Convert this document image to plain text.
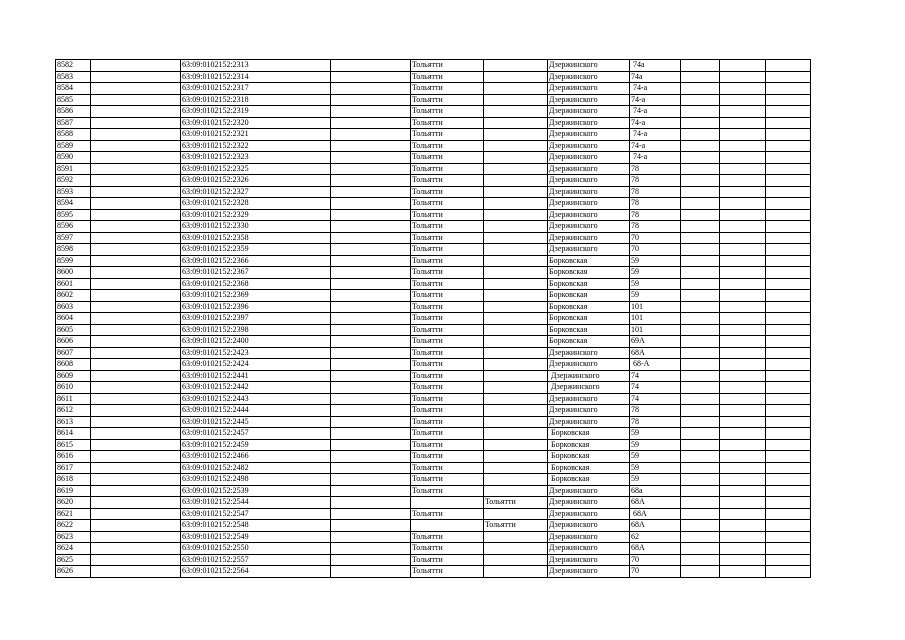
8582		63:09:0102152:2313		Тольятти		Дзержинского	74а			
8583		63:09:0102152:2314		Тольятти		Дзержинского	74а			
8584		63:09:0102152:2317		Тольятти		Дзержинского	74-а			
8585		63:09:0102152:2318		Тольятти		Дзержинского	74-а			
8586		63:09:0102152:2319		Тольятти		Дзержинского	74-а			
8587		63:09:0102152:2320		Тольятти		Дзержинского	74-а			
8588		63:09:0102152:2321		Тольятти		Дзержинского	74-а			
8589		63:09:0102152:2322		Тольятти		Дзержинского	74-а			
8590		63:09:0102152:2323		Тольятти		Дзержинского	74-а			
8591		63:09:0102152:2325		Тольятти		Дзержинского	78			
8592		63:09:0102152:2326		Тольятти		Дзержинского	78			
8593		63:09:0102152:2327		Тольятти		Дзержинского	78			
8594		63:09:0102152:2328		Тольятти		Дзержинского	78			
8595		63:09:0102152:2329		Тольятти		Дзержинского	78			
8596		63:09:0102152:2330		Тольятти		Дзержинского	78			
8597		63:09:0102152:2358		Тольятти		Дзержинского	70			
8598		63:09:0102152:2359		Тольятти		Дзержинского	70			
8599		63:09:0102152:2366		Тольятти		Борковская	59			
8600		63:09:0102152:2367		Тольятти		Борковская	59			
8601		63:09:0102152:2368		Тольятти		Борковская	59			
8602		63:09:0102152:2369		Тольятти		Борковская	59			
8603		63:09:0102152:2396		Тольятти		Борковская	101			
8604		63:09:0102152:2397		Тольятти		Борковская	101			
8605		63:09:0102152:2398		Тольятти		Борковская	101			
8606		63:09:0102152:2400		Тольятти		Борковская	69А			
8607		63:09:0102152:2423		Тольятти		Дзержинского	68А			
8608		63:09:0102152:2424		Тольятти		Дзержинского	68-А			
8609		63:09:0102152:2441		Тольятти		Дзержинского	74			
8610		63:09:0102152:2442		Тольятти		Дзержинского	74			
8611		63:09:0102152:2443		Тольятти		Дзержинского	74			
8612		63:09:0102152:2444		Тольятти		Дзержинского	78			
8613		63:09:0102152:2445		Тольятти		Дзержинского	78			
8614		63:09:0102152:2457		Тольятти		Борковская	59			
8615		63:09:0102152:2459		Тольятти		Борковская	59			
8616		63:09:0102152:2466		Тольятти		Борковская	59			
8617		63:09:0102152:2482		Тольятти		Борковская	59			
8618		63:09:0102152:2498		Тольятти		Борковская	59			
8619		63:09:0102152:2539		Тольятти		Дзержинского	68а			
8620		63:09:0102152:2544			Тольятти	Дзержинского	68А			
8621		63:09:0102152:2547		Тольятти		Дзержинского	68А			
8622		63:09:0102152:2548			Тольятти	Дзержинского	68А			
8623		63:09:0102152:2549		Тольятти		Дзержинского	62			
8624		63:09:0102152:2550		Тольятти		Дзержинского	68А			
8625		63:09:0102152:2557		Тольятти		Дзержинского	70			
8626		63:09:0102152:2564		Тольятти		Дзержинского	70			
